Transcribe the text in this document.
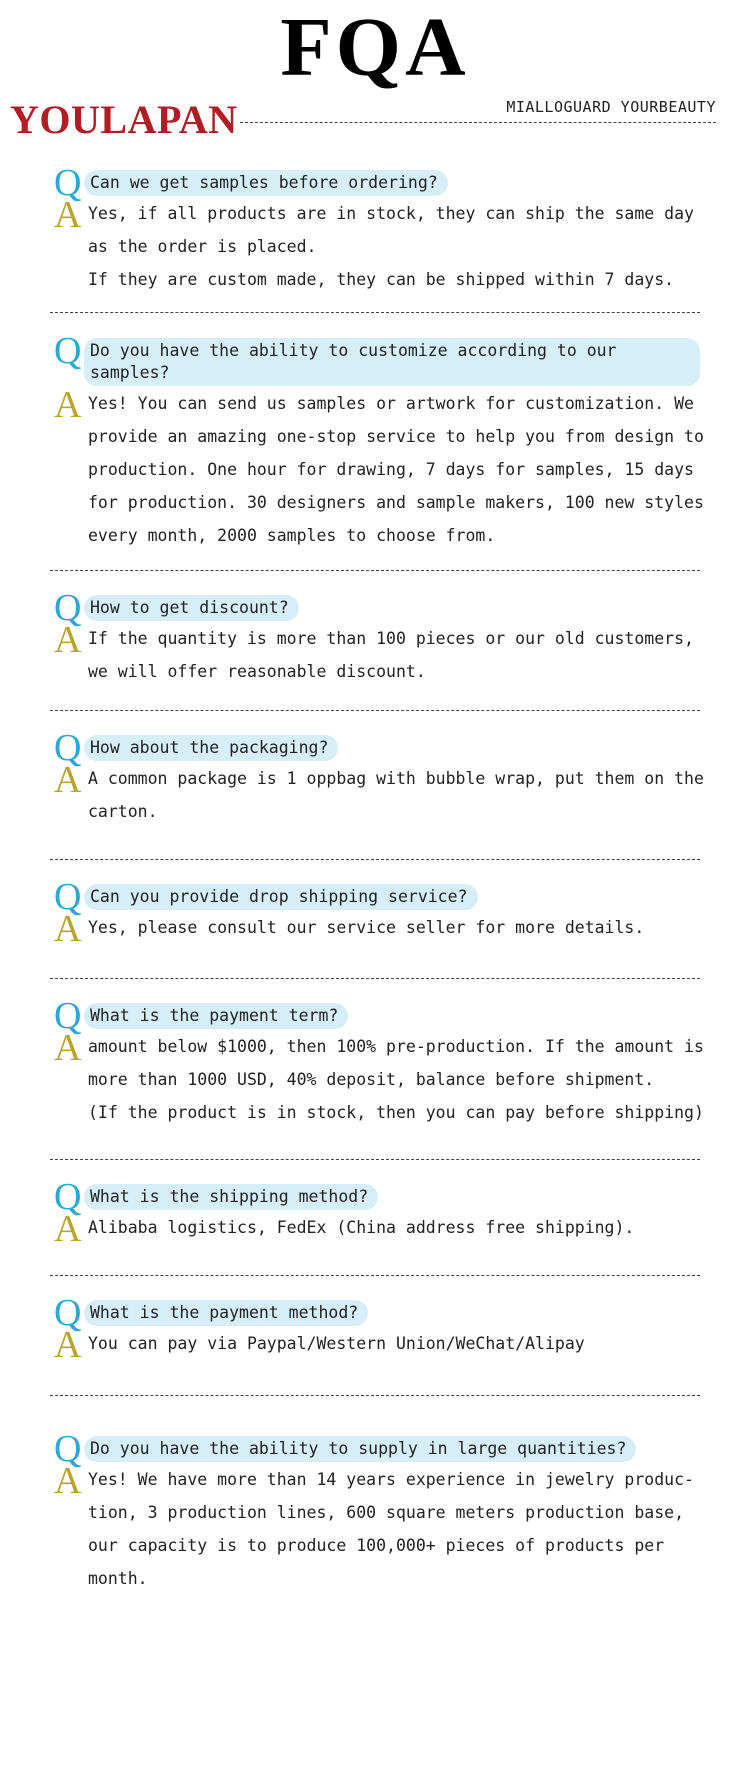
FQA
YOULAPAN	MIALLOGUARD YOURBEAUTY
Q Can we get samples before ordering?
A Yes, if all products are in stock, they can ship the same day

as the order is placed.

If they are custom made, they can be shipped within 7 days.

Q Do you have the ability to customize according to our samples?
A Yes! You can send us samples or artwork for customization. We

provide an amazing one-stop service to help you from design to

production. One hour for drawing, 7 days for samples, 15 days

for production. 30 designers and sample makers, 100 new styles

every month, 2000 samples to choose from.

Q How to get discount?
A If the quantity is more than 100 pieces or our old customers,

we will offer reasonable discount.

Q How about the packaging?
A A common package is 1 oppbag with bubble wrap, put them on the

carton.

Q Can you provide drop shipping service?
A Yes, please consult our service seller for more details.

Q What is the payment term?
A amount below $1000, then 100% pre-production. If the amount is

more than 1000 USD, 40% deposit, balance before shipment.

(If the product is in stock, then you can pay before shipping)

Q What is the shipping method?
A Alibaba logistics, FedEx (China address free shipping).

Q What is the payment method?
A You can pay via Paypal/Western Union/WeChat/Alipay

Q Do you have the ability to supply in large quantities?
A Yes! We have more than 14 years experience in jewelry produc-

tion, 3 production lines, 600 square meters production base,

our capacity is to produce 100,000+ pieces of products per

month.
